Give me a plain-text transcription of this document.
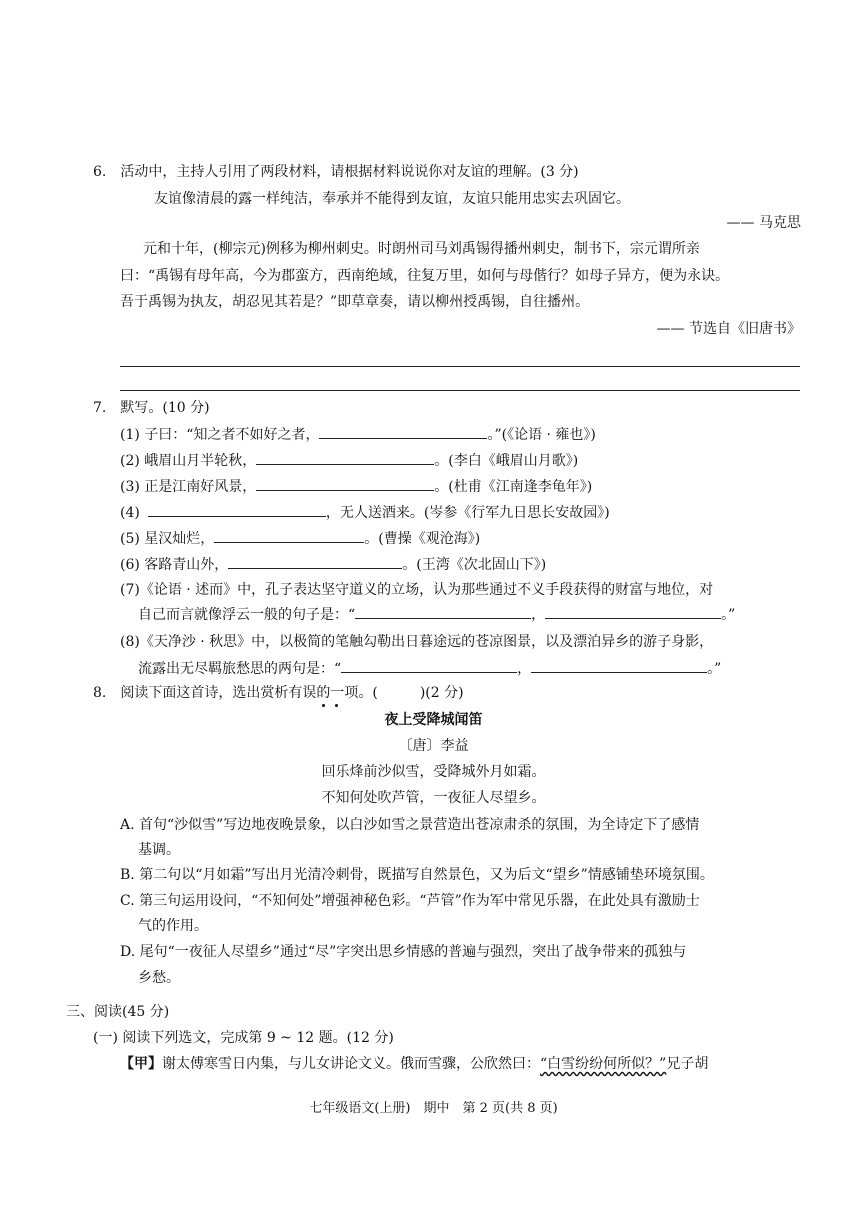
6.　活动中，主持人引用了两段材料，请根据材料说说你对友谊的理解。(3 分)
友谊像清晨的露一样纯洁，奉承并不能得到友谊，友谊只能用忠实去巩固它。
—— 马克思
元和十年，(柳宗元)例移为柳州刺史。时朗州司马刘禹锡得播州刺史，制书下，宗元谓所亲
曰：“禹锡有母年高，今为郡蛮方，西南绝域，往复万里，如何与母偕行？如母子异方，便为永诀。
吾于禹锡为执友，胡忍见其若是？”即草章奏，请以柳州授禹锡，自往播州。
—— 节选自《旧唐书》
7.　默写。(10 分)
(1) 子曰：“知之者不如好之者，	。”(《论语 · 雍也》)
(2) 峨眉山月半轮秋，	。(李白《峨眉山月歌》)
(3) 正是江南好风景，	。(杜甫《江南逢李龟年》)
(4)	，无人送酒来。(岑参《行军九日思长安故园》)
(5) 星汉灿烂，	。(曹操《观沧海》)
(6) 客路青山外，	。(王湾《次北固山下》)
(7)《论语 · 述而》中，孔子表达坚守道义的立场，认为那些通过不义手段获得的财富与地位，对
自己而言就像浮云一般的句子是：“	，	。”
(8)《天净沙 · 秋思》中，以极简的笔触勾勒出日暮途远的苍凉图景，以及漂泊异乡的游子身影，
流露出无尽羁旅愁思的两句是：“	，	。”
8.　阅读下面这首诗，选出赏析有误的一项。(　　　)(2 分)
夜上受降城闻笛
〔唐〕李益
回乐烽前沙似雪，受降城外月如霜。
不知何处吹芦管，一夜征人尽望乡。
A. 首句“沙似雪”写边地夜晚景象，以白沙如雪之景营造出苍凉肃杀的氛围，为全诗定下了感情
基调。
B. 第二句以“月如霜”写出月光清冷刺骨，既描写自然景色，又为后文“望乡”情感铺垫环境氛围。
C. 第三句运用设问，“不知何处”增强神秘色彩。“芦管”作为军中常见乐器，在此处具有激励士
气的作用。
D. 尾句“一夜征人尽望乡”通过“尽”字突出思乡情感的普遍与强烈，突出了战争带来的孤独与
乡愁。
三、阅读(45 分)
(一) 阅读下列选文，完成第 9 ~ 12 题。(12 分)
【甲】谢太傅寒雪日内集，与儿女讲论文义。俄而雪骤，公欣然曰：“白雪纷纷何所似？”兄子胡
七年级语文(上册)　期中　第 2 页(共 8 页)
